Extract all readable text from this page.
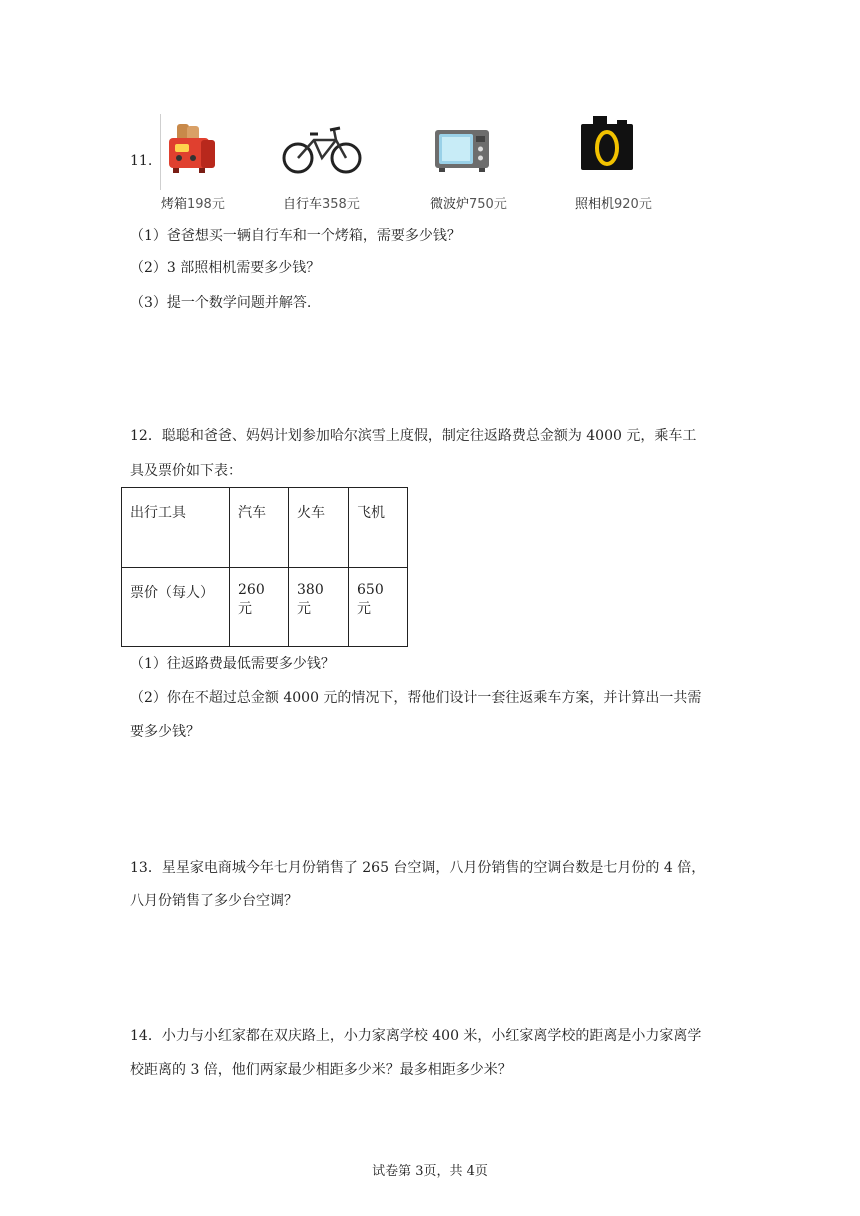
11.
烤箱198元	自行车358元	微波炉750元	照相机920元
（1）爸爸想买一辆自行车和一个烤箱，需要多少钱？
（2）3 部照相机需要多少钱？
（3）提一个数学问题并解答.
12．聪聪和爸爸、妈妈计划参加哈尔滨雪上度假，制定往返路费总金额为 4000 元，乘车工
具及票价如下表：
出行工具	汽车	火车	飞机
票价（每人）	260 元	380 元	650 元
（1）往返路费最低需要多少钱？
（2）你在不超过总金额 4000 元的情况下，帮他们设计一套往返乘车方案，并计算出一共需
要多少钱？
13．星星家电商城今年七月份销售了 265 台空调，八月份销售的空调台数是七月份的 4 倍，
八月份销售了多少台空调？
14．小力与小红家都在双庆路上，小力家离学校 400 米，小红家离学校的距离是小力家离学
校距离的 3 倍，他们两家最少相距多少米？最多相距多少米？
试卷第 3页，共 4页
